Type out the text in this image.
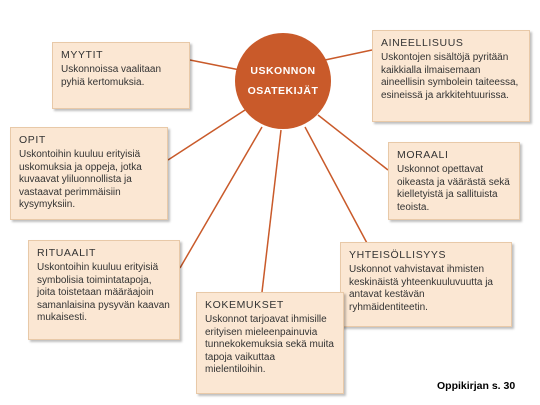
USKONNON
OSATEKIJÄT
MYYTIT

Uskonnoissa vaalitaan pyhiä kertomuksia.

AINEELLISUUS

Uskontojen sisältöjä pyritään kaikkialla ilmaisemaan aineellisin symbolein taiteessa, esineissä ja arkkitehtuurissa.

OPIT

Uskontoihin kuuluu erityisiä uskomuksia ja oppeja, jotka kuvaavat yliluonnollista ja vastaavat perimmäisiin kysymyksiin.

MORAALI

Uskonnot opettavat oikeasta ja väärästä sekä kielletyistä ja sallituista teoista.

RITUAALIT

Uskontoihin kuuluu erityisiä symbolisia toimintatapoja, joita toistetaan määräajoin samanlaisina pysyvän kaavan mukaisesti.

YHTEISÖLLISYYS

Uskonnot vahvistavat ihmisten keskinäistä yhteenkuuluvuutta ja antavat kestävän ryhmäidentiteetin.

KOKEMUKSET

Uskonnot tarjoavat ihmisille erityisen mieleenpainuvia tunnekokemuksia sekä muita tapoja vaikuttaa mielentiloihin.

Oppikirjan s. 30
